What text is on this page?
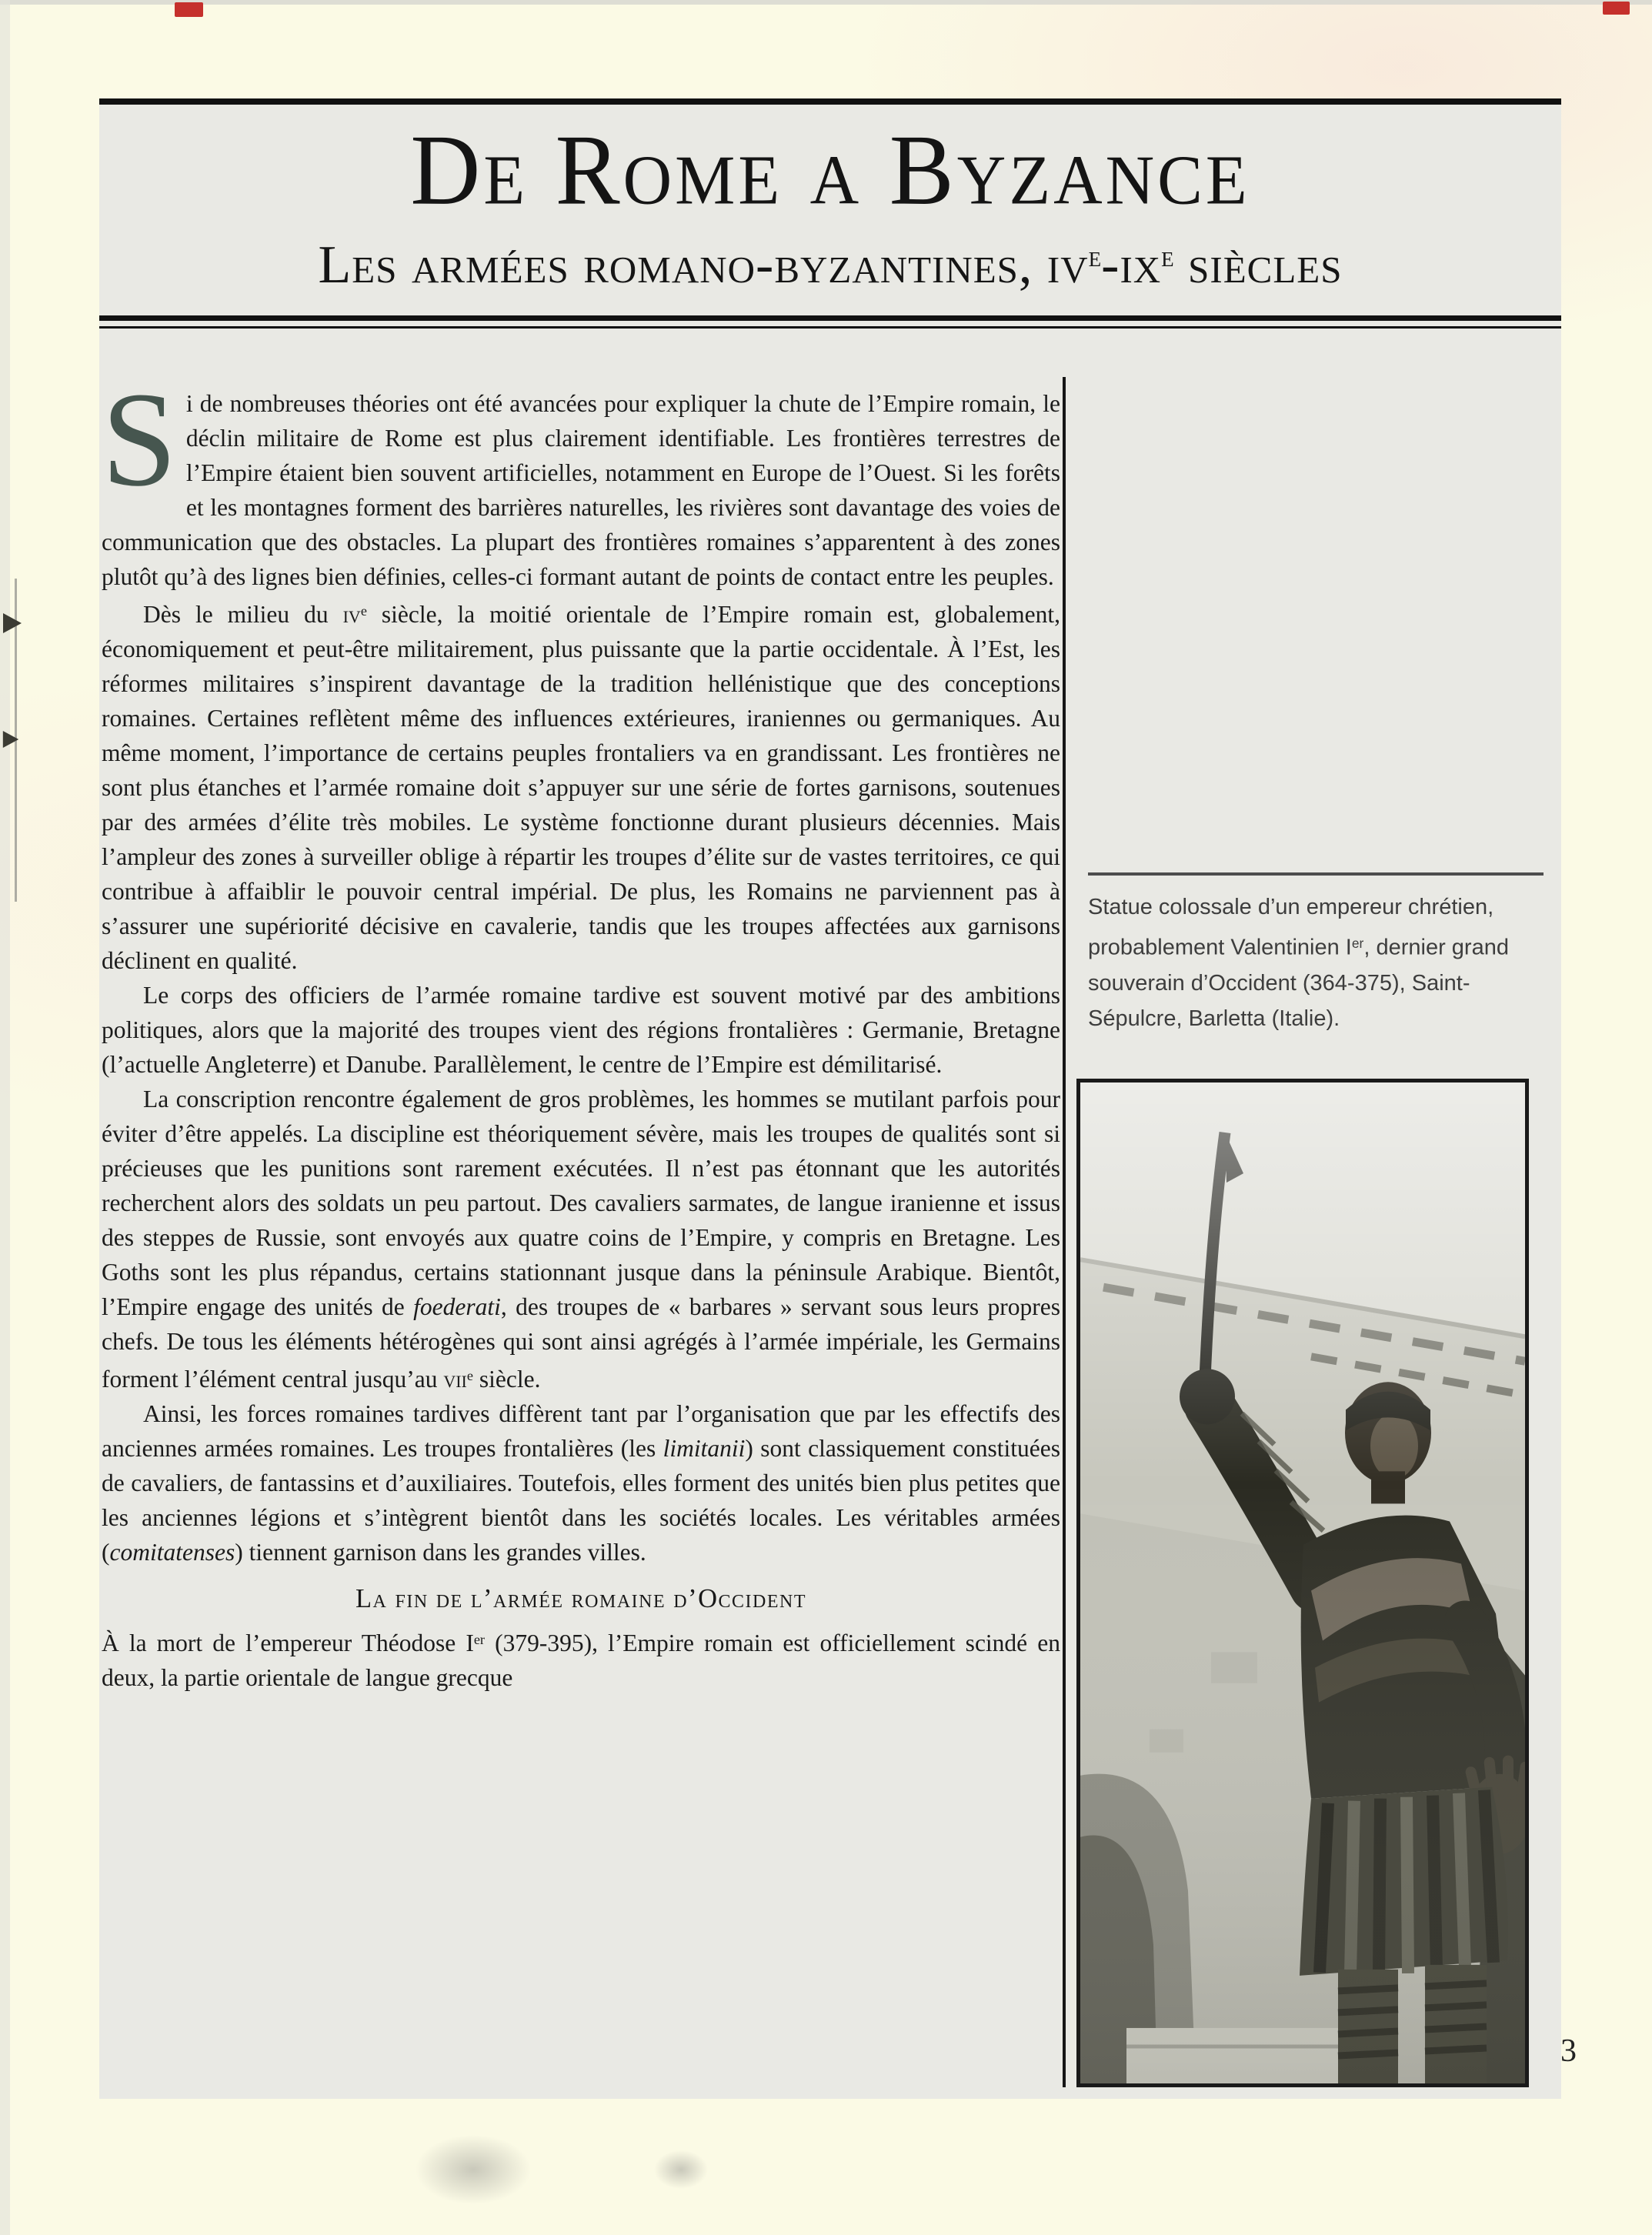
De Rome a Byzance
Les armées romano-byzantines, $iv^e-ix^e$ siècles

Si de nombreuses théories ont été avancées pour expliquer la chute de l’Empire romain, le déclin militaire de Rome est plus clairement identifiable. Les frontières terrestres de l’Empire étaient bien souvent artificielles, notamment en Europe de l’Ouest. Si les forêts et les montagnes forment des barrières naturelles, les rivières sont davantage des voies de communication que des obstacles. La plupart des frontières romaines s’apparentent à des zones plutôt qu’à des lignes bien définies, celles-ci formant autant de points de contact entre les peuples.

Dès le milieu du $iv^e$ siècle, la moitié orientale de l’Empire romain est, globalement, économiquement et peut-être militairement, plus puissante que la partie occidentale. À l’Est, les réformes militaires s’inspirent davantage de la tradition hellénistique que des conceptions romaines. Certaines reflètent même des influences extérieures, iraniennes ou germaniques. Au même moment, l’importance de certains peuples frontaliers va en grandissant. Les frontières ne sont plus étanches et l’armée romaine doit s’appuyer sur une série de fortes garnisons, soutenues par des armées d’élite très mobiles. Le système fonctionne durant plusieurs décennies. Mais l’ampleur des zones à surveiller oblige à répartir les troupes d’élite sur de vastes territoires, ce qui contribue à affaiblir le pouvoir central impérial. De plus, les Romains ne parviennent pas à s’assurer une supériorité décisive en cavalerie, tandis que les troupes affectées aux garnisons déclinent en qualité.

Le corps des officiers de l’armée romaine tardive est souvent motivé par des ambitions politiques, alors que la majorité des troupes vient des régions frontalières : Germanie, Bretagne (l’actuelle Angleterre) et Danube. Parallèlement, le centre de l’Empire est démilitarisé.

La conscription rencontre également de gros problèmes, les hommes se mutilant parfois pour éviter d’être appelés. La discipline est théoriquement sévère, mais les troupes de qualités sont si précieuses que les punitions sont rarement exécutées. Il n’est pas étonnant que les autorités recherchent alors des soldats un peu partout. Des cavaliers sarmates, de langue iranienne et issus des steppes de Russie, sont envoyés aux quatre coins de l’Empire, y compris en Bretagne. Les Goths sont les plus répandus, certains stationnant jusque dans la péninsule Arabique. Bientôt, l’Empire engage des unités de foederati, des troupes de « barbares » servant sous leurs propres chefs. De tous les éléments hétérogènes qui sont ainsi agrégés à l’armée impériale, les Germains forment l’élément central jusqu’au vii$^e$ siècle.

Ainsi, les forces romaines tardives diffèrent tant par l’organisation que par les effectifs des anciennes armées romaines. Les troupes frontalières (les limitanii) sont classiquement constituées de cavaliers, de fantassins et d’auxiliaires. Toutefois, elles forment des unités bien plus petites que les anciennes légions et s’intègrent bientôt dans les sociétés locales. Les véritables armées (comitatenses) tiennent garnison dans les grandes villes.

La fin de l’armée romaine d’Occident

À la mort de l’empereur Théodose Ier (379-395), l’Empire romain est officiellement scindé en deux, la partie orientale de langue grecque

Statue colossale d’un empereur chrétien, probablement Valentinien Ier, dernier grand souverain d’Occident (364-375), Saint-Sépulcre, Barletta (Italie).
3
